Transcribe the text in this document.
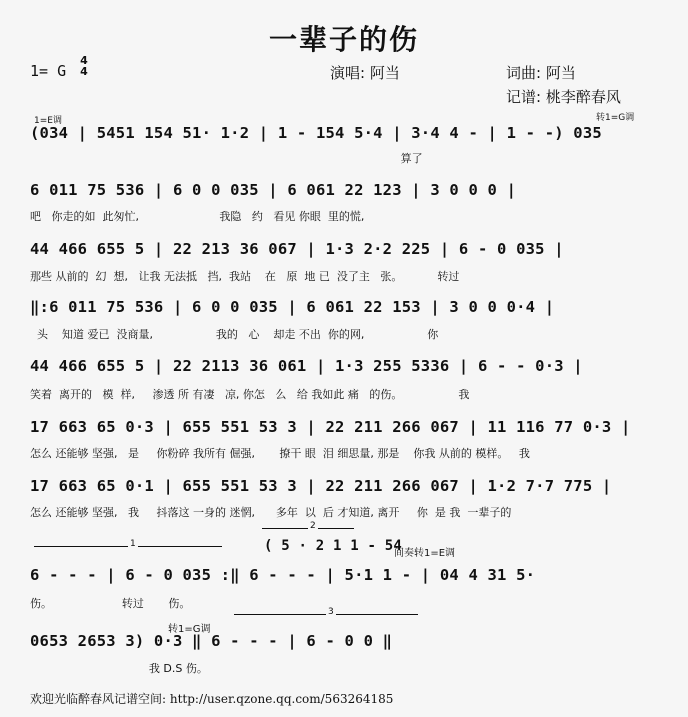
一辈子的伤
1= G
4
4	演唱: 阿当	词曲: 阿当
记谱: 桃李醉春风
1=E调	转1=G调
(034 | 5451 154 51· 1·2 | 1 - 154 5·4 | 3·4 4 - | 1 - -) 035
算了
6 011 75 536 | 6 0 0 035 | 6 061 22 123 | 3 0 0 0 |
吧   你走的如  此匆忙,                       我隐   约   看见 你眼  里的慌,
44 466 655 5 | 22 213 36 067 | 1·3 2·2 225 | 6 - 0 035 |
那些 从前的  幻  想,   让我 无法抵   挡,  我站    在   原  地 已  没了主   张。          转过
‖:6 011 75 536 | 6 0 0 035 | 6 061 22 153 | 3 0 0 0·4 |
头    知道 爱已  没商量,                  我的   心    却走 不出  你的网,                  你
44 466 655 5 | 22 2113 36 061 | 1·3 255 5336 | 6 - - 0·3 |
笑着  离开的   模  样,     渗透 所 有凄   凉, 你怎   么   给 我如此 痛   的伤。                我
17 663 65 0·3 | 655 551 53 3 | 22 211 266 067 | 11 116 77 0·3 |
怎么 还能够 坚强,   是     你粉碎 我所有 倔强,       撩干 眼  泪 细思量, 那是    你我 从前的 模样。   我
17 663 65 0·1 | 655 551 53 3 | 22 211 266 067 | 1·2 7·7 775 |
怎么 还能够 坚强,   我     抖落这 一身的 迷惘,      多年  以  后 才知道, 离开     你  是 我  一辈子的
1
2
( 5 · 2 1 1 - 54
间奏转1=E调
6 - - - | 6 - 0 035 :‖ 6 - - - | 5·1 1 - | 04 4 31 5·
伤。                    转过       伤。
转1=G调
3
0653 2653 3) 0·3 ‖ 6 - - - | 6 - 0 0 ‖
我 D.S 伤。
欢迎光临醉春风记谱空间: http://user.qzone.qq.com/563264185
